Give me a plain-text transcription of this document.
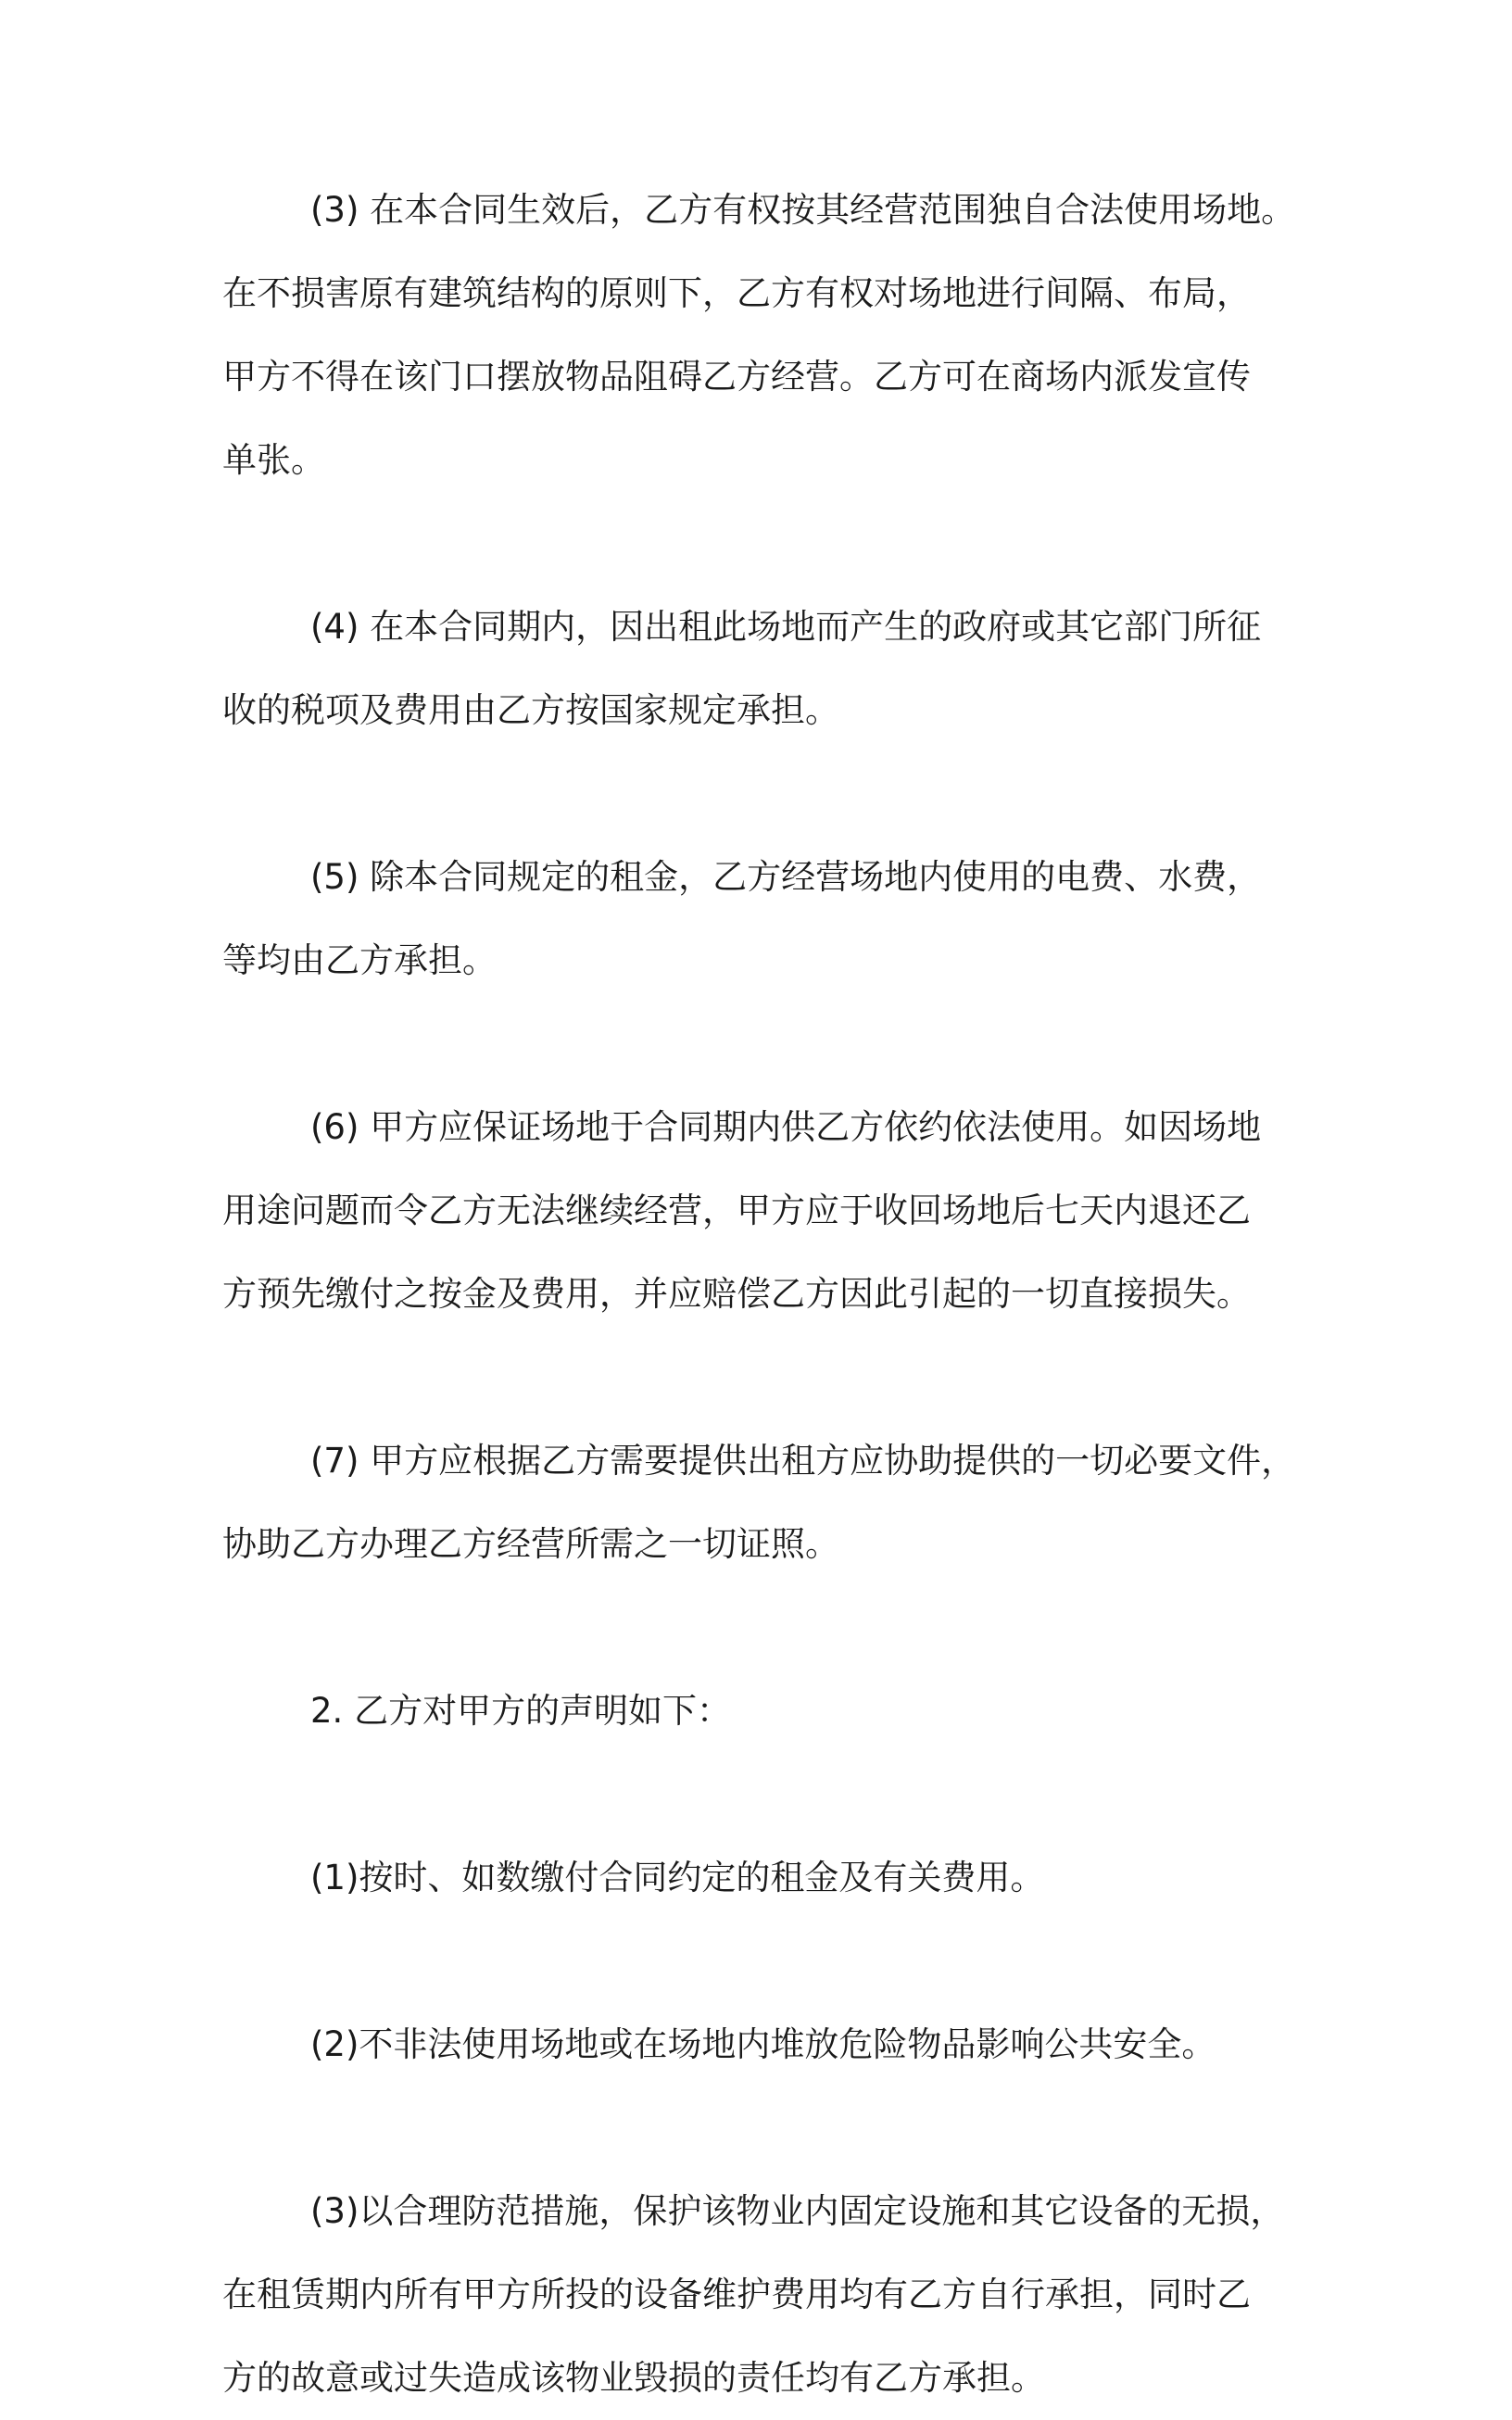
(3) 在本合同生效后，乙方有权按其经营范围独自合法使用场地。
在不损害原有建筑结构的原则下，乙方有权对场地进行间隔、布局，
甲方不得在该门口摆放物品阻碍乙方经营。乙方可在商场内派发宣传
单张。
(4) 在本合同期内，因出租此场地而产生的政府或其它部门所征
收的税项及费用由乙方按国家规定承担。
(5) 除本合同规定的租金，乙方经营场地内使用的电费、水费，
等均由乙方承担。
(6) 甲方应保证场地于合同期内供乙方依约依法使用。如因场地
用途问题而令乙方无法继续经营，甲方应于收回场地后七天内退还乙
方预先缴付之按金及费用，并应赔偿乙方因此引起的一切直接损失。
(7) 甲方应根据乙方需要提供出租方应协助提供的一切必要文件，
协助乙方办理乙方经营所需之一切证照。
2. 乙方对甲方的声明如下：
(1)按时、如数缴付合同约定的租金及有关费用。
(2)不非法使用场地或在场地内堆放危险物品影响公共安全。
(3)以合理防范措施，保护该物业内固定设施和其它设备的无损，
在租赁期内所有甲方所投的设备维护费用均有乙方自行承担，同时乙
方的故意或过失造成该物业毁损的责任均有乙方承担。
